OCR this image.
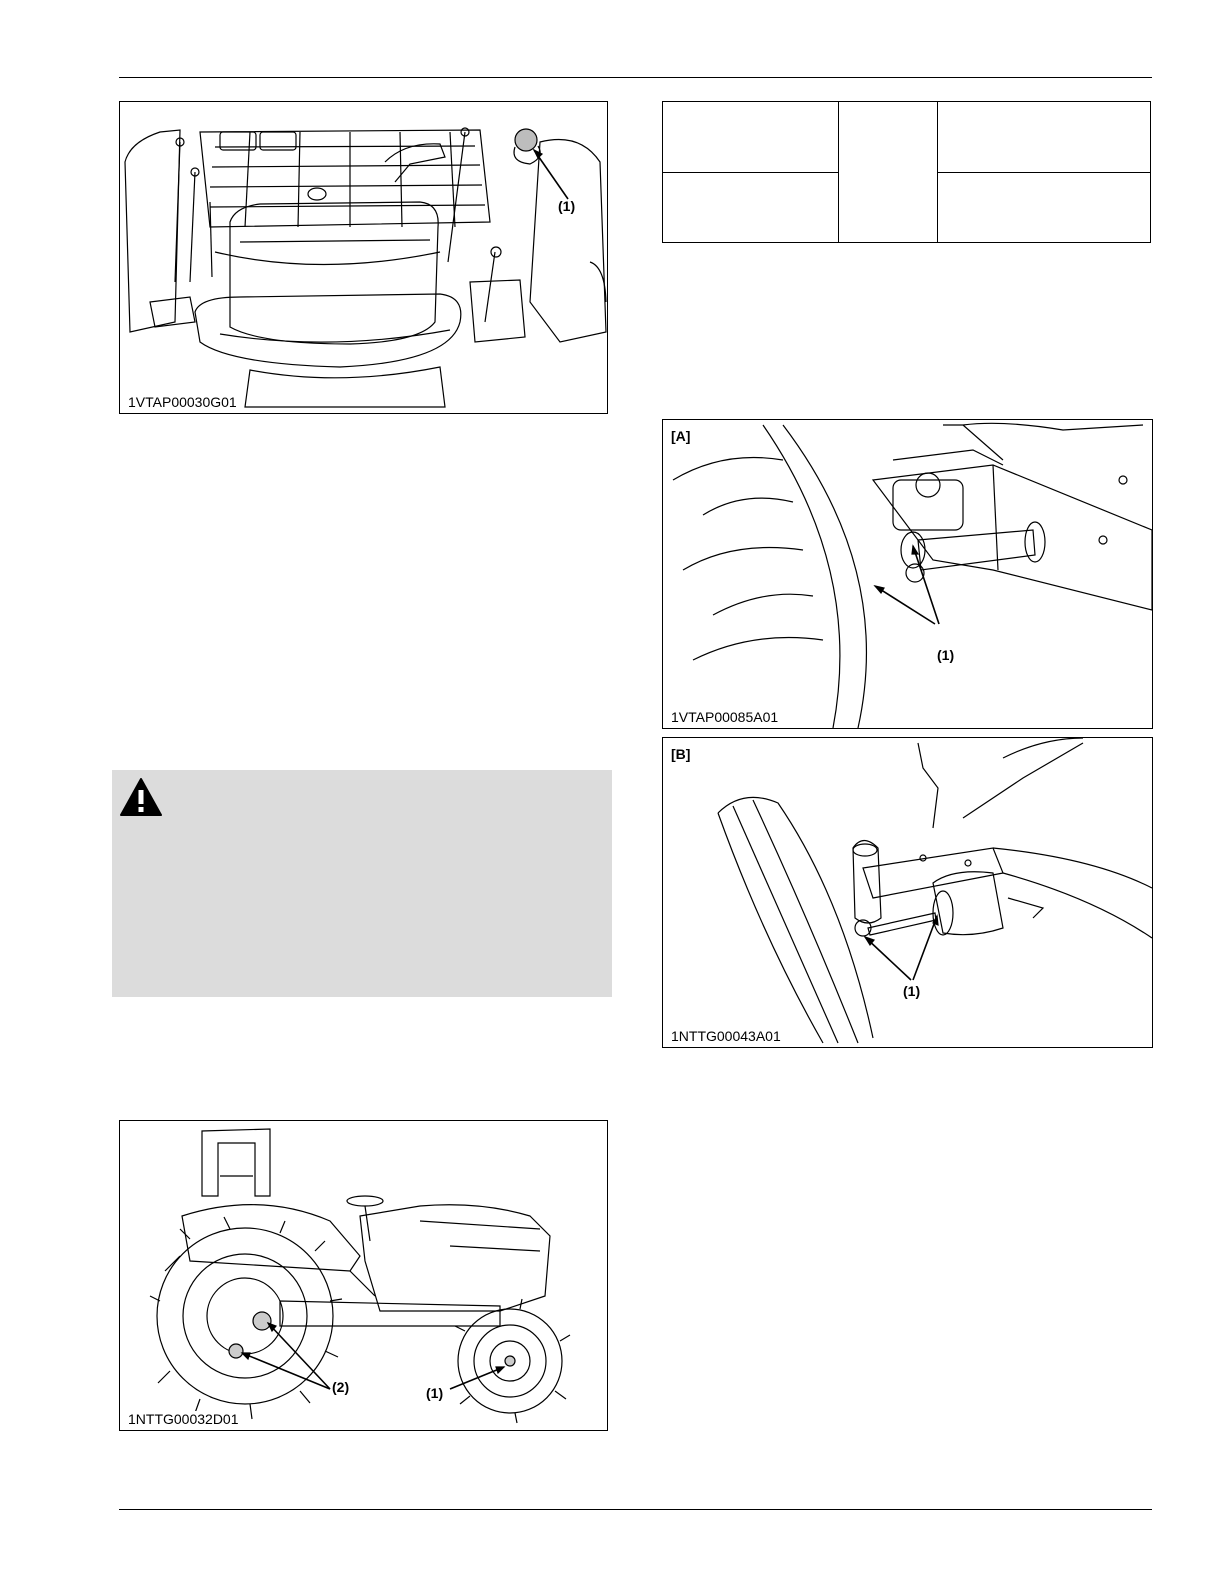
(1)
1VTAP00030G01
(2)	(1)
1NTTG00032D01

[A]
(1)
1VTAP00085A01
[B]
(1)
1NTTG00043A01
